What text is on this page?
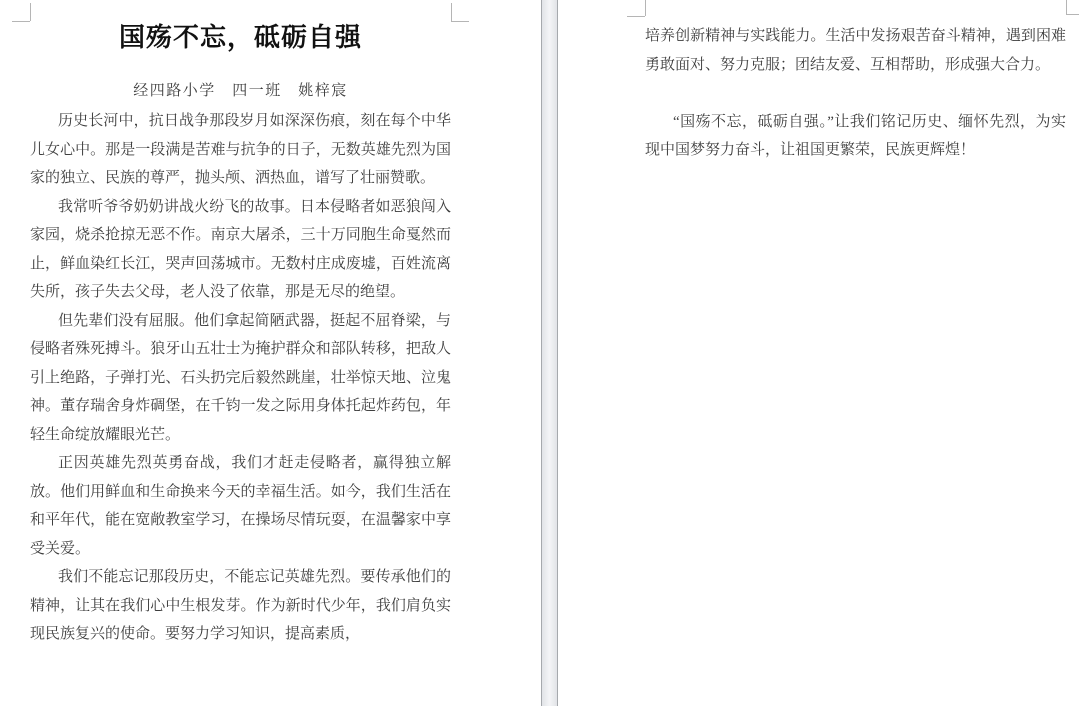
国殇不忘，砥砺自强
经四路小学　四一班　姚梓宸

历史长河中，抗日战争那段岁月如深深伤痕，刻在每个中华儿女心中。那是一段满是苦难与抗争的日子，无数英雄先烈为国家的独立、民族的尊严，抛头颅、洒热血，谱写了壮丽赞歌。

我常听爷爷奶奶讲战火纷飞的故事。日本侵略者如恶狼闯入家园，烧杀抢掠无恶不作。南京大屠杀，三十万同胞生命戛然而止，鲜血染红长江，哭声回荡城市。无数村庄成废墟，百姓流离失所，孩子失去父母，老人没了依靠，那是无尽的绝望。

但先辈们没有屈服。他们拿起简陋武器，挺起不屈脊梁，与侵略者殊死搏斗。狼牙山五壮士为掩护群众和部队转移，把敌人引上绝路，子弹打光、石头扔完后毅然跳崖，壮举惊天地、泣鬼神。董存瑞舍身炸碉堡，在千钧一发之际用身体托起炸药包，年轻生命绽放耀眼光芒。

正因英雄先烈英勇奋战，我们才赶走侵略者，赢得独立解放。他们用鲜血和生命换来今天的幸福生活。如今，我们生活在和平年代，能在宽敞教室学习，在操场尽情玩耍，在温馨家中享受关爱。

我们不能忘记那段历史，不能忘记英雄先烈。要传承他们的精神，让其在我们心中生根发芽。作为新时代少年，我们肩负实现民族复兴的使命。要努力学习知识，提高素质，

培养创新精神与实践能力。生活中发扬艰苦奋斗精神，遇到困难勇敢面对、努力克服；团结友爱、互相帮助，形成强大合力。

“国殇不忘，砥砺自强。”让我们铭记历史、缅怀先烈，为实现中国梦努力奋斗，让祖国更繁荣，民族更辉煌！
